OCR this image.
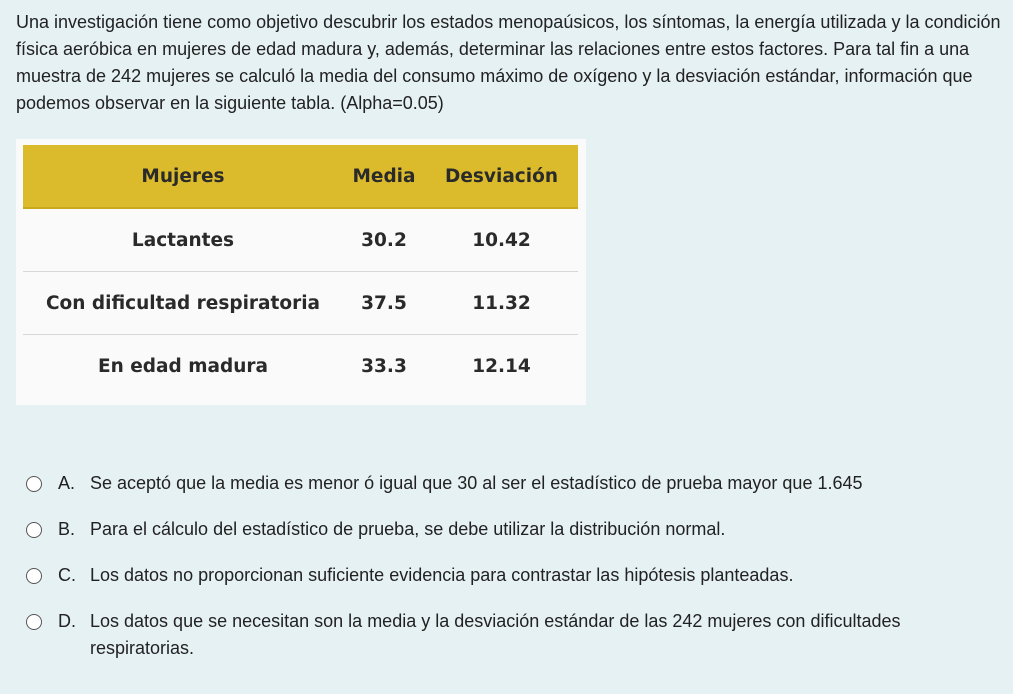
Una investigación tiene como objetivo descubrir los estados menopaúsicos, los síntomas, la energía utilizada y la condición física aeróbica en mujeres de edad madura y, además, determinar las relaciones entre estos factores. Para tal fin a una muestra de 242 mujeres se calculó la media del consumo máximo de oxígeno y la desviación estándar, información que podemos observar en la siguiente tabla. (Alpha=0.05)

Mujeres	Media	Desviación
Lactantes	30.2	10.42
Con dificultad respiratoria	37.5	11.32
En edad madura	33.3	12.14
A. Se aceptó que la media es menor ó igual que 30 al ser el estadístico de prueba mayor que 1.645
B. Para el cálculo del estadístico de prueba, se debe utilizar la distribución normal.
C. Los datos no proporcionan suficiente evidencia para contrastar las hipótesis planteadas.
D. Los datos que se necesitan son la media y la desviación estándar de las 242 mujeres con dificultades respiratorias.
